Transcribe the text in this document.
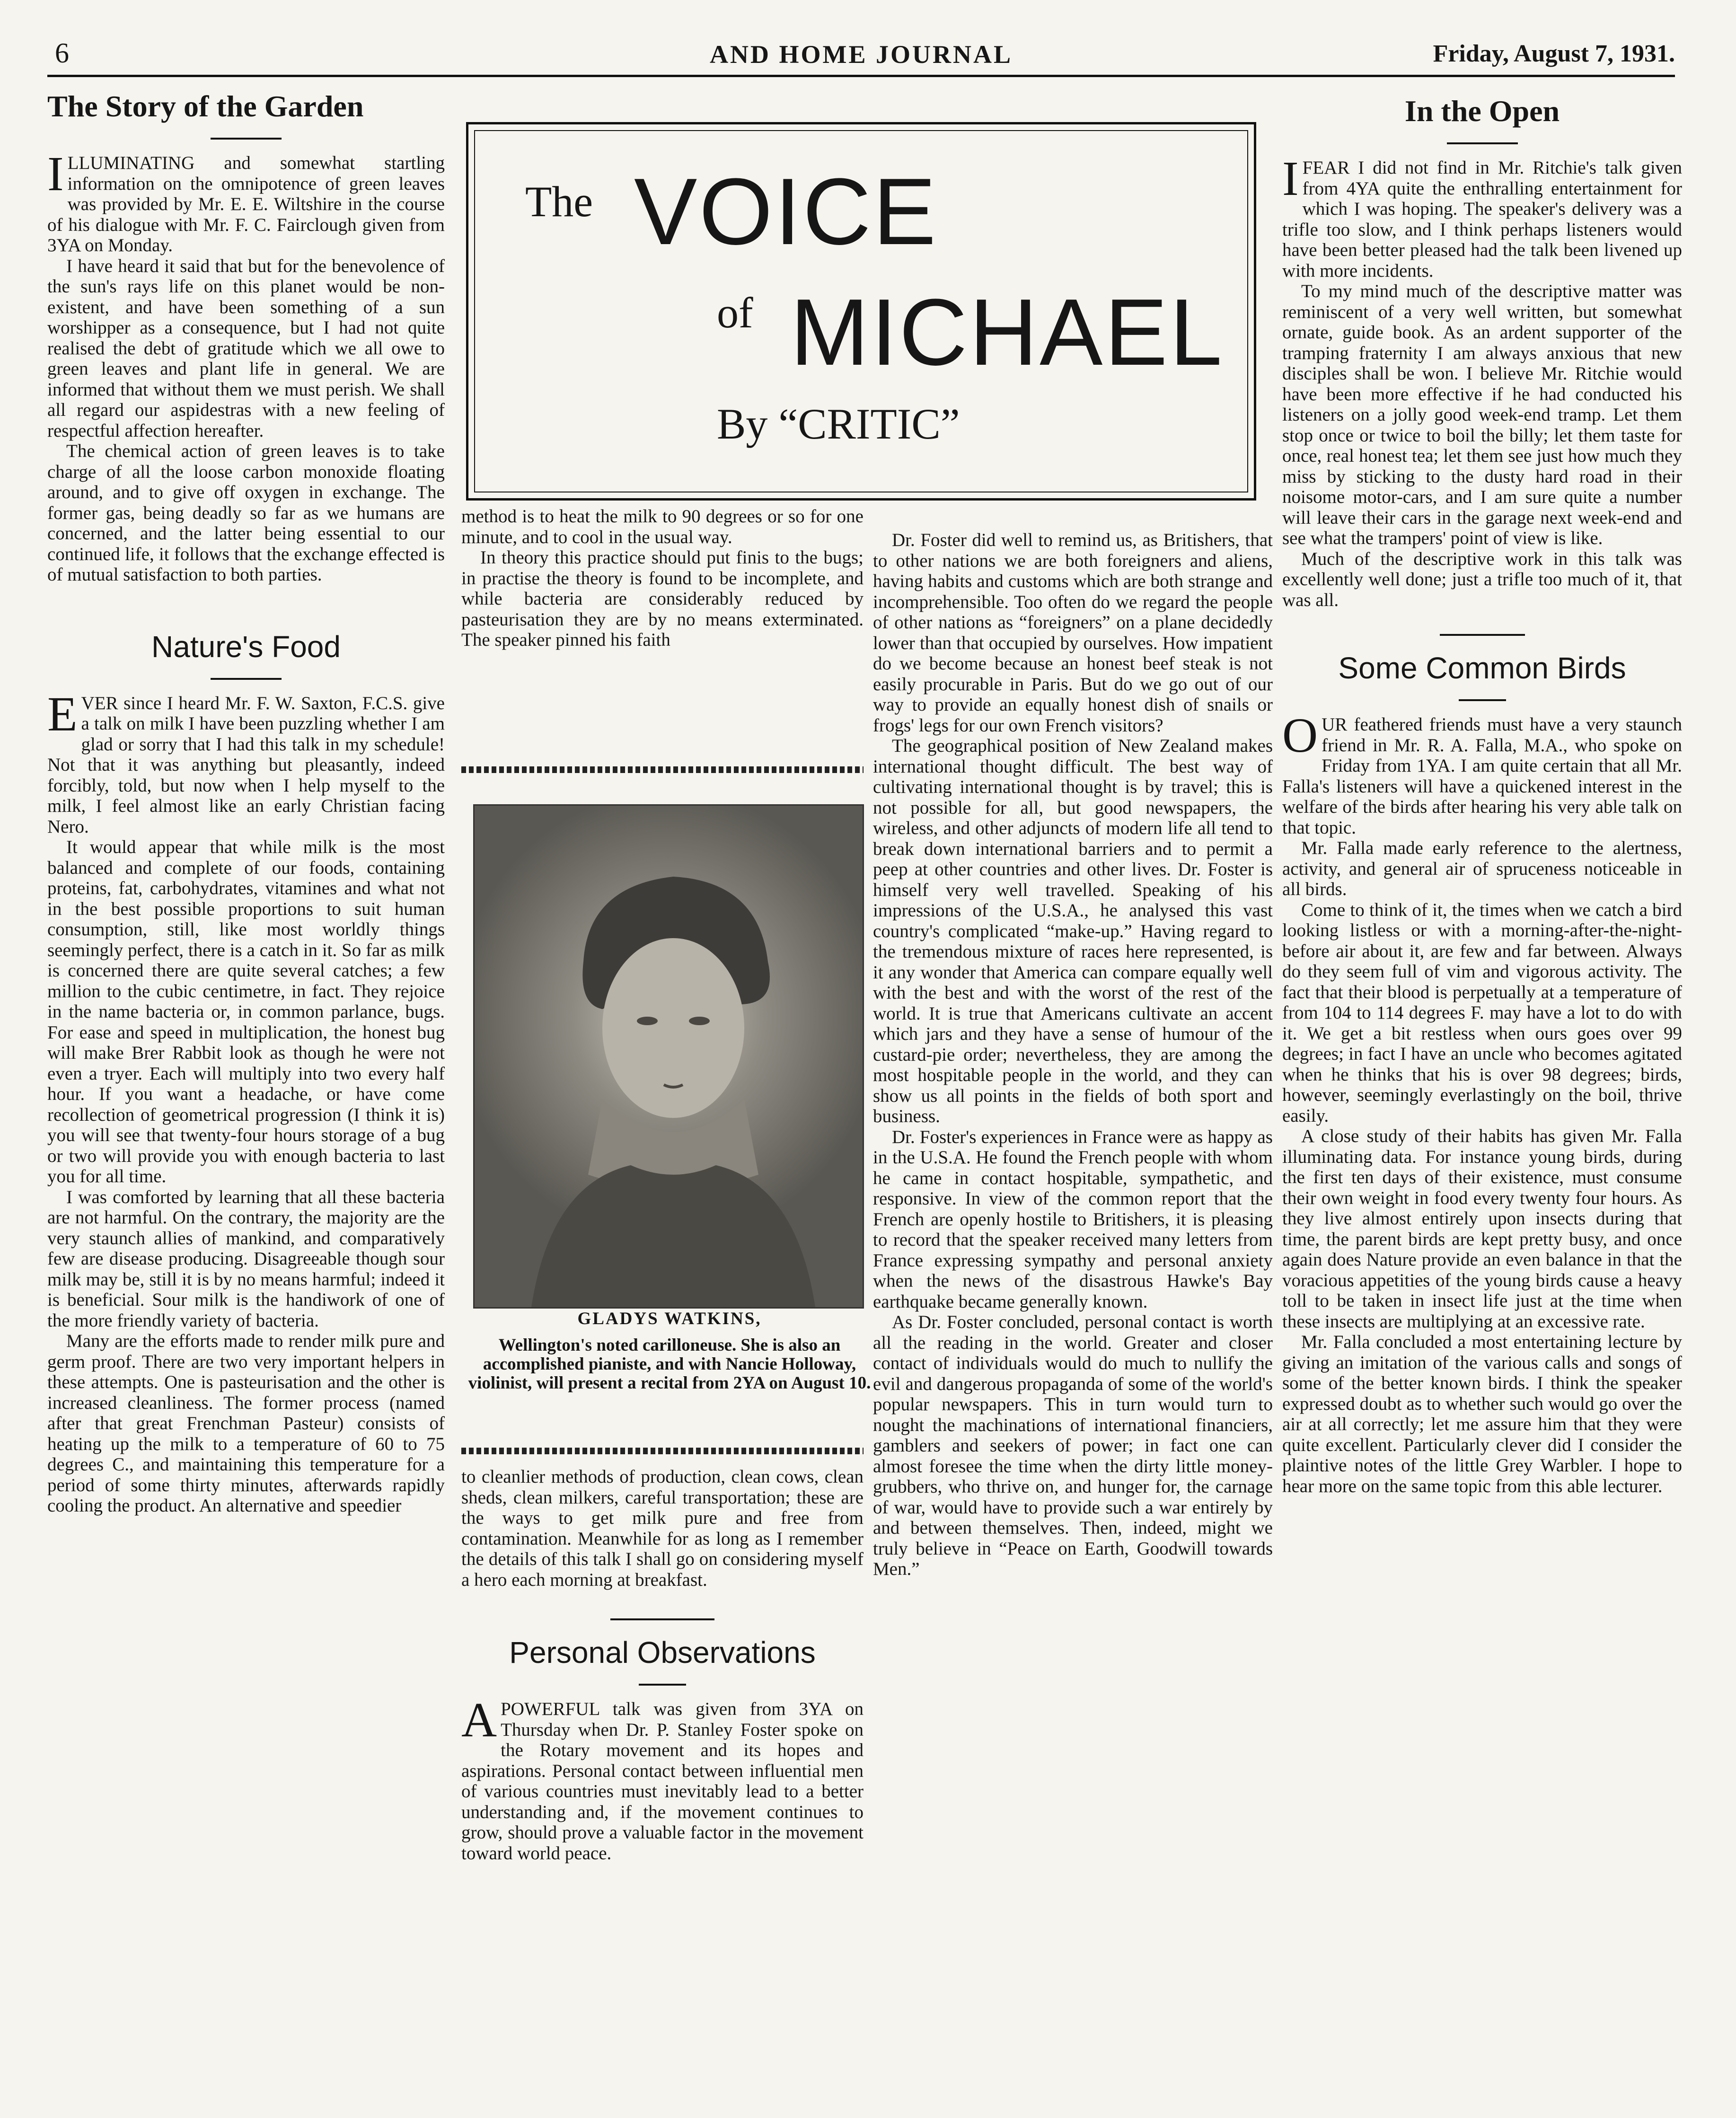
6	AND HOME JOURNAL	Friday, August 7, 1931.
The Story of the Garden

ILLUMINATING and somewhat startling information on the omnipotence of green leaves was provided by Mr. E. E. Wiltshire in the course of his dialogue with Mr. F. C. Fairclough given from 3YA on Monday.

I have heard it said that but for the benevolence of the sun's rays life on this planet would be non-existent, and have been something of a sun worshipper as a consequence, but I had not quite realised the debt of gratitude which we all owe to green leaves and plant life in general. We are informed that without them we must perish. We shall all regard our aspidestras with a new feeling of respectful affection hereafter.

The chemical action of green leaves is to take charge of all the loose carbon monoxide floating around, and to give off oxygen in exchange. The former gas, being deadly so far as we humans are concerned, and the latter being essential to our continued life, it follows that the exchange effected is of mutual satisfaction to both parties.

Nature's Food

EVER since I heard Mr. F. W. Saxton, F.C.S. give a talk on milk I have been puzzling whether I am glad or sorry that I had this talk in my schedule! Not that it was anything but pleasantly, indeed forcibly, told, but now when I help myself to the milk, I feel almost like an early Christian facing Nero.

It would appear that while milk is the most balanced and complete of our foods, containing proteins, fat, carbohydrates, vitamines and what not in the best possible proportions to suit human consumption, still, like most worldly things seemingly perfect, there is a catch in it. So far as milk is concerned there are quite several catches; a few million to the cubic centimetre, in fact. They rejoice in the name bacteria or, in common parlance, bugs. For ease and speed in multiplication, the honest bug will make Brer Rabbit look as though he were not even a tryer. Each will multiply into two every half hour. If you want a headache, or have come recollection of geometrical progression (I think it is) you will see that twenty-four hours storage of a bug or two will provide you with enough bacteria to last you for all time.

I was comforted by learning that all these bacteria are not harmful. On the contrary, the majority are the very staunch allies of mankind, and comparatively few are disease producing. Disagreeable though sour milk may be, still it is by no means harmful; indeed it is beneficial. Sour milk is the handiwork of one of the more friendly variety of bacteria.

Many are the efforts made to render milk pure and germ proof. There are two very important helpers in these attempts. One is pasteurisation and the other is increased cleanliness. The former process (named after that great Frenchman Pasteur) consists of heating up the milk to a temperature of 60 to 75 degrees C., and maintaining this temperature for a period of some thirty minutes, afterwards rapidly cooling the product. An alternative and speedier

The VOICE
of MICHAEL
By “CRITIC”

method is to heat the milk to 90 degrees or so for one minute, and to cool in the usual way.

In theory this practice should put finis to the bugs; in practise the theory is found to be incomplete, and while bacteria are considerably reduced by pasteurisation they are by no means exterminated. The speaker pinned his faith

GLADYS WATKINS,
Wellington's noted carilloneuse. She is also an accomplished pianiste, and with Nancie Holloway, violinist, will present a recital from 2YA on August 10.

to cleanlier methods of production, clean cows, clean sheds, clean milkers, careful transportation; these are the ways to get milk pure and free from contamination. Meanwhile for as long as I remember the details of this talk I shall go on considering myself a hero each morning at breakfast.

Personal Observations

APOWERFUL talk was given from 3YA on Thursday when Dr. P. Stanley Foster spoke on the Rotary movement and its hopes and aspirations. Personal contact between influential men of various countries must inevitably lead to a better understanding and, if the movement continues to grow, should prove a valuable factor in the movement toward world peace.

Dr. Foster did well to remind us, as Britishers, that to other nations we are both foreigners and aliens, having habits and customs which are both strange and incomprehensible. Too often do we regard the people of other nations as “foreigners” on a plane decidedly lower than that occupied by ourselves. How impatient do we become because an honest beef steak is not easily procurable in Paris. But do we go out of our way to provide an equally honest dish of snails or frogs' legs for our own French visitors?

The geographical position of New Zealand makes international thought difficult. The best way of cultivating international thought is by travel; this is not possible for all, but good newspapers, the wireless, and other adjuncts of modern life all tend to break down international barriers and to permit a peep at other countries and other lives. Dr. Foster is himself very well travelled. Speaking of his impressions of the U.S.A., he analysed this vast country's complicated “make-up.” Having regard to the tremendous mixture of races here represented, is it any wonder that America can compare equally well with the best and with the worst of the rest of the world. It is true that Americans cultivate an accent which jars and they have a sense of humour of the custard-pie order; nevertheless, they are among the most hospitable people in the world, and they can show us all points in the fields of both sport and business.

Dr. Foster's experiences in France were as happy as in the U.S.A. He found the French people with whom he came in contact hospitable, sympathetic, and responsive. In view of the common report that the French are openly hostile to Britishers, it is pleasing to record that the speaker received many letters from France expressing sympathy and personal anxiety when the news of the disastrous Hawke's Bay earthquake became generally known.

As Dr. Foster concluded, personal contact is worth all the reading in the world. Greater and closer contact of individuals would do much to nullify the evil and dangerous propaganda of some of the world's popular newspapers. This in turn would turn to nought the machinations of international financiers, gamblers and seekers of power; in fact one can almost foresee the time when the dirty little money-grubbers, who thrive on, and hunger for, the carnage of war, would have to provide such a war entirely by and between themselves. Then, indeed, might we truly believe in “Peace on Earth, Goodwill towards Men.”

In the Open

IFEAR I did not find in Mr. Ritchie's talk given from 4YA quite the enthralling entertainment for which I was hoping. The speaker's delivery was a trifle too slow, and I think perhaps listeners would have been better pleased had the talk been livened up with more incidents.

To my mind much of the descriptive matter was reminiscent of a very well written, but somewhat ornate, guide book. As an ardent supporter of the tramping fraternity I am always anxious that new disciples shall be won. I believe Mr. Ritchie would have been more effective if he had conducted his listeners on a jolly good week-end tramp. Let them stop once or twice to boil the billy; let them taste for once, real honest tea; let them see just how much they miss by sticking to the dusty hard road in their noisome motor-cars, and I am sure quite a number will leave their cars in the garage next week-end and see what the trampers' point of view is like.

Much of the descriptive work in this talk was excellently well done; just a trifle too much of it, that was all.

Some Common Birds

OUR feathered friends must have a very staunch friend in Mr. R. A. Falla, M.A., who spoke on Friday from 1YA. I am quite certain that all Mr. Falla's listeners will have a quickened interest in the welfare of the birds after hearing his very able talk on that topic.

Mr. Falla made early reference to the alertness, activity, and general air of spruceness noticeable in all birds.

Come to think of it, the times when we catch a bird looking listless or with a morning-after-the-night-before air about it, are few and far between. Always do they seem full of vim and vigorous activity. The fact that their blood is perpetually at a temperature of from 104 to 114 degrees F. may have a lot to do with it. We get a bit restless when ours goes over 99 degrees; in fact I have an uncle who becomes agitated when he thinks that his is over 98 degrees; birds, however, seemingly everlastingly on the boil, thrive easily.

A close study of their habits has given Mr. Falla illuminating data. For instance young birds, during the first ten days of their existence, must consume their own weight in food every twenty four hours. As they live almost entirely upon insects during that time, the parent birds are kept pretty busy, and once again does Nature provide an even balance in that the voracious appetities of the young birds cause a heavy toll to be taken in insect life just at the time when these insects are multiplying at an excessive rate.

Mr. Falla concluded a most entertaining lecture by giving an imitation of the various calls and songs of some of the better known birds. I think the speaker expressed doubt as to whether such would go over the air at all correctly; let me assure him that they were quite excellent. Particularly clever did I consider the plaintive notes of the little Grey Warbler. I hope to hear more on the same topic from this able lecturer.
